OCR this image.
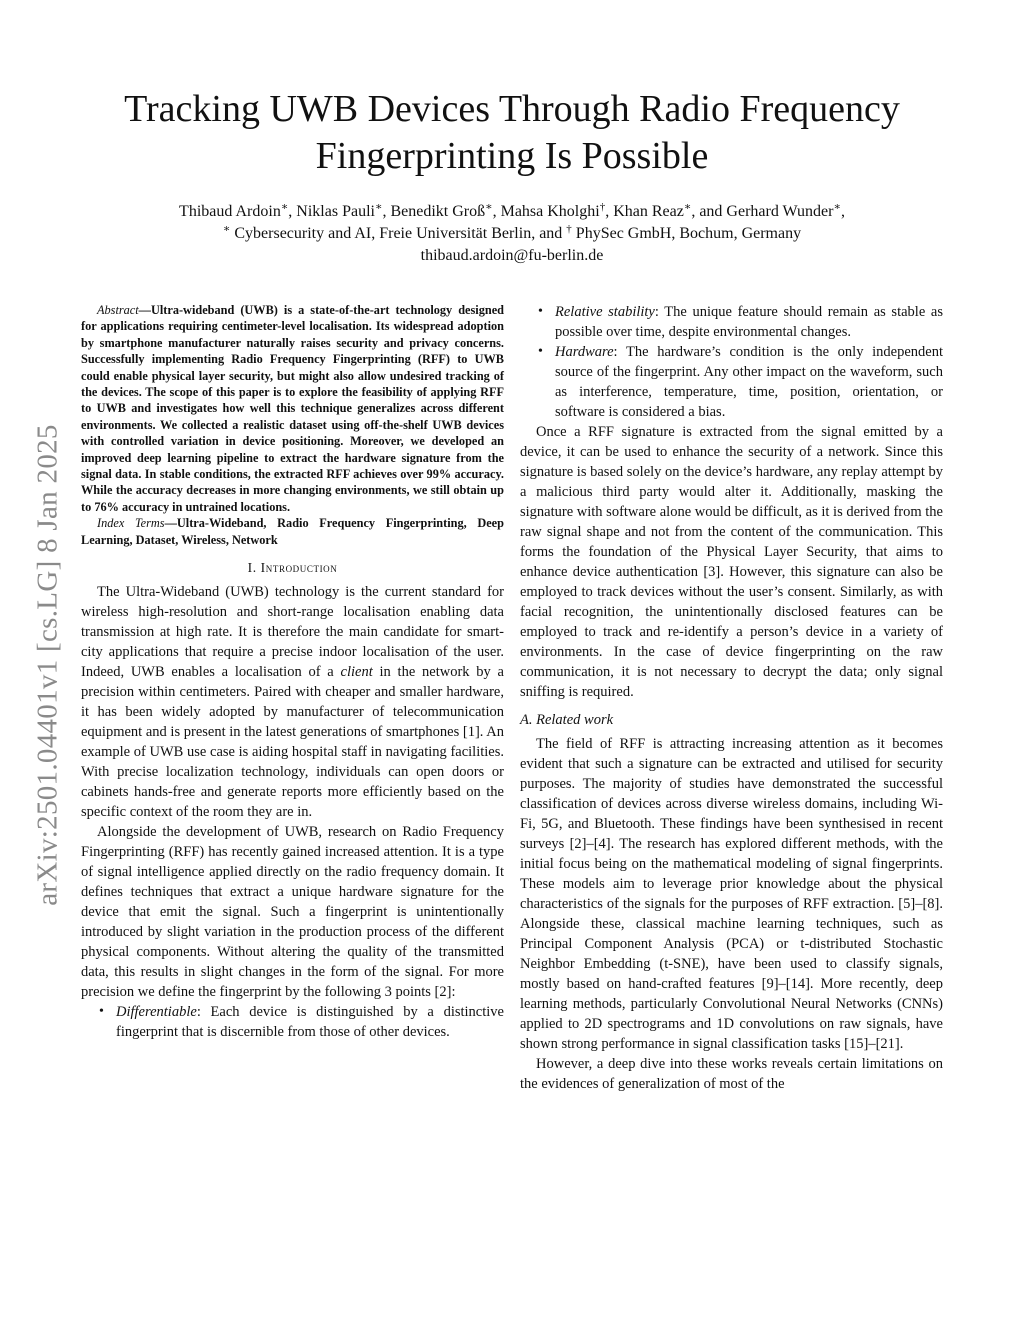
arXiv:2501.04401v1 [cs.LG] 8 Jan 2025
Tracking UWB Devices Through Radio Frequency
Fingerprinting Is Possible
Thibaud Ardoin∗, Niklas Pauli∗, Benedikt Groß∗, Mahsa Kholghi†, Khan Reaz∗, and Gerhard Wunder∗,
∗ Cybersecurity and AI, Freie Universität Berlin, and † PhySec GmbH, Bochum, Germany
thibaud.ardoin@fu-berlin.de

Abstract—Ultra-wideband (UWB) is a state-of-the-art technology designed for applications requiring centimeter-level localisation. Its widespread adoption by smartphone manufacturer naturally raises security and privacy concerns. Successfully implementing Radio Frequency Fingerprinting (RFF) to UWB could enable physical layer security, but might also allow undesired tracking of the devices. The scope of this paper is to explore the feasibility of applying RFF to UWB and investigates how well this technique generalizes across different environments. We collected a realistic dataset using off-the-shelf UWB devices with controlled variation in device positioning. Moreover, we developed an improved deep learning pipeline to extract the hardware signature from the signal data. In stable conditions, the extracted RFF achieves over 99% accuracy. While the accuracy decreases in more changing environments, we still obtain up to 76% accuracy in untrained locations.

Index Terms—Ultra-Wideband, Radio Frequency Fingerprinting, Deep Learning, Dataset, Wireless, Network

I. Introduction

The Ultra-Wideband (UWB) technology is the current standard for wireless high-resolution and short-range localisation enabling data transmission at high rate. It is therefore the main candidate for smart-city applications that require a precise indoor localisation of the user. Indeed, UWB enables a localisation of a client in the network by a precision within centimeters. Paired with cheaper and smaller hardware, it has been widely adopted by manufacturer of telecommunication equipment and is present in the latest generations of smartphones [1]. An example of UWB use case is aiding hospital staff in navigating facilities. With precise localization technology, individuals can open doors or cabinets hands-free and generate reports more efficiently based on the specific context of the room they are in.

Alongside the development of UWB, research on Radio Frequency Fingerprinting (RFF) has recently gained increased attention. It is a type of signal intelligence applied directly on the radio frequency domain. It defines techniques that extract a unique hardware signature for the device that emit the signal. Such a fingerprint is unintentionally introduced by slight variation in the production process of the different physical components. Without altering the quality of the transmitted data, this results in slight changes in the form of the signal. For more precision we define the fingerprint by the following 3 points [2]:

• Differentiable: Each device is distinguished by a distinctive fingerprint that is discernible from those of other devices.
• Relative stability: The unique feature should remain as stable as possible over time, despite environmental changes.
• Hardware: The hardware’s condition is the only independent source of the fingerprint. Any other impact on the waveform, such as interference, temperature, time, position, orientation, or software is considered a bias.

Once a RFF signature is extracted from the signal emitted by a device, it can be used to enhance the security of a network. Since this signature is based solely on the device’s hardware, any replay attempt by a malicious third party would alter it. Additionally, masking the signature with software alone would be difficult, as it is derived from the raw signal shape and not from the content of the communication. This forms the foundation of the Physical Layer Security, that aims to enhance device authentication [3]. However, this signature can also be employed to track devices without the user’s consent. Similarly, as with facial recognition, the unintentionally disclosed features can be employed to track and re-identify a person’s device in a variety of environments. In the case of device fingerprinting on the raw communication, it is not necessary to decrypt the data; only signal sniffing is required.

A. Related work

The field of RFF is attracting increasing attention as it becomes evident that such a signature can be extracted and utilised for security purposes. The majority of studies have demonstrated the successful classification of devices across diverse wireless domains, including Wi-Fi, 5G, and Bluetooth. These findings have been synthesised in recent surveys [2]–[4]. The research has explored different methods, with the initial focus being on the mathematical modeling of signal fingerprints. These models aim to leverage prior knowledge about the physical characteristics of the signals for the purposes of RFF extraction. [5]–[8]. Alongside these, classical machine learning techniques, such as Principal Component Analysis (PCA) or t-distributed Stochastic Neighbor Embedding (t-SNE), have been used to classify signals, mostly based on hand-crafted features [9]–[14]. More recently, deep learning methods, particularly Convolutional Neural Networks (CNNs) applied to 2D spectrograms and 1D convolutions on raw signals, have shown strong performance in signal classification tasks [15]–[21].

However, a deep dive into these works reveals certain limitations on the evidences of generalization of most of the
